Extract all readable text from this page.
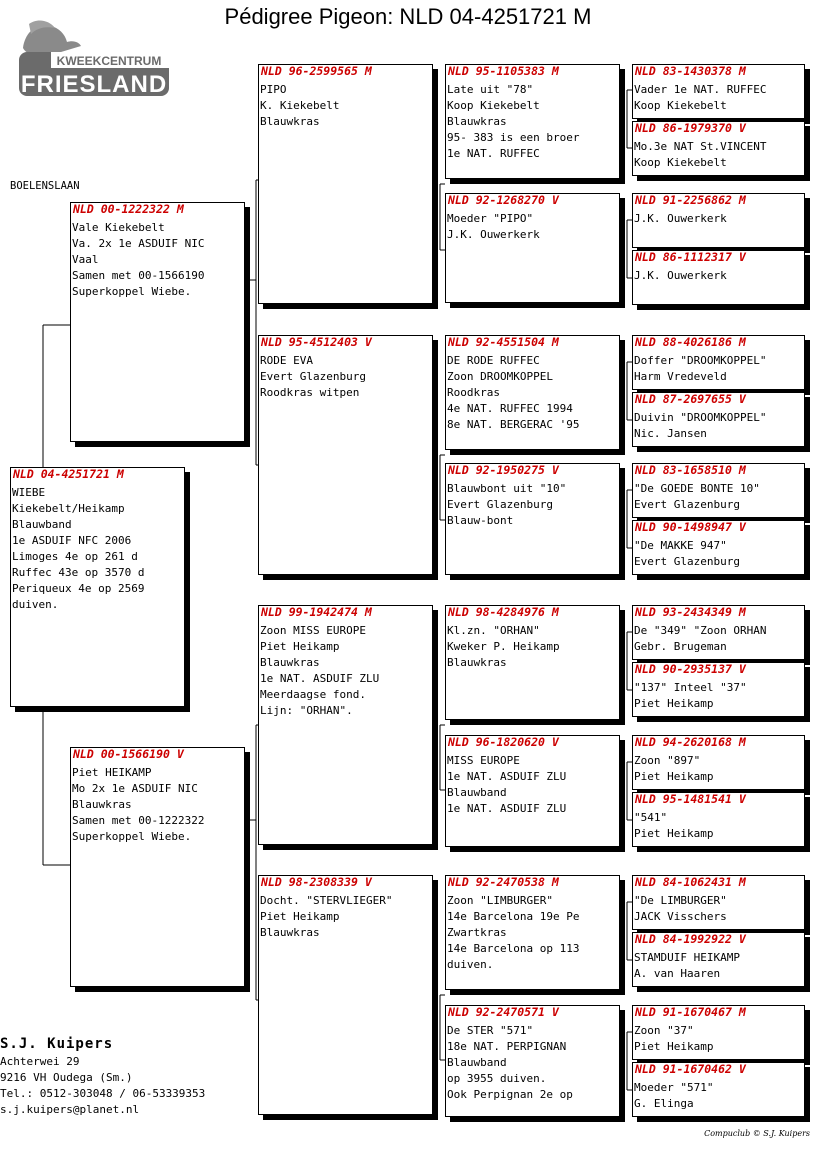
Pédigree Pigeon: NLD 04-4251721 M
KWEEKCENTRUM
FRIESLAND
BOELENSLAAN
NLD 04-4251721 M
WIEBE
Kiekebelt/Heikamp
Blauwband
1e ASDUIF NFC 2006
Limoges 4e op 261 d
Ruffec 43e op 3570 d
Periqueux 4e op 2569
duiven.
NLD 00-1222322 M
Vale Kiekebelt
Va. 2x 1e ASDUIF NIC
Vaal
Samen met 00-1566190
Superkoppel Wiebe.
NLD 00-1566190 V
Piet HEIKAMP
Mo 2x 1e ASDUIF NIC
Blauwkras
Samen met 00-1222322
Superkoppel Wiebe.
NLD 96-2599565 M
PIPO
K. Kiekebelt
Blauwkras
NLD 95-4512403 V
RODE EVA
Evert Glazenburg
Roodkras witpen
NLD 99-1942474 M
Zoon MISS EUROPE
Piet Heikamp
Blauwkras
1e NAT. ASDUIF ZLU
Meerdaagse fond.
Lijn: "ORHAN".
NLD 98-2308339 V
Docht. "STERVLIEGER"
Piet Heikamp
Blauwkras
NLD 95-1105383 M
Late uit "78"
Koop Kiekebelt
Blauwkras
95- 383 is een broer
1e NAT. RUFFEC
NLD 92-1268270 V
Moeder "PIPO"
J.K. Ouwerkerk
NLD 92-4551504 M
DE RODE RUFFEC
Zoon DROOMKOPPEL
Roodkras
4e NAT. RUFFEC 1994
8e NAT. BERGERAC '95
NLD 92-1950275 V
Blauwbont uit "10"
Evert Glazenburg
Blauw-bont
NLD 98-4284976 M
Kl.zn. "ORHAN"
Kweker P. Heikamp
Blauwkras
NLD 96-1820620 V
MISS EUROPE
1e NAT. ASDUIF ZLU
Blauwband
1e NAT. ASDUIF ZLU
NLD 92-2470538 M
Zoon "LIMBURGER"
14e Barcelona 19e Pe
Zwartkras
14e Barcelona op 113
duiven.
NLD 92-2470571 V
De STER "571"
18e NAT. PERPIGNAN
Blauwband
op 3955 duiven.
Ook Perpignan 2e op
NLD 83-1430378 M
Vader 1e NAT. RUFFEC
Koop Kiekebelt
NLD 86-1979370 V
Mo.3e NAT St.VINCENT
Koop Kiekebelt
NLD 91-2256862 M
J.K. Ouwerkerk
NLD 86-1112317 V
J.K. Ouwerkerk
NLD 88-4026186 M
Doffer "DROOMKOPPEL"
Harm Vredeveld
NLD 87-2697655 V
Duivin "DROOMKOPPEL"
Nic. Jansen
NLD 83-1658510 M
"De GOEDE BONTE 10"
Evert Glazenburg
NLD 90-1498947 V
"De MAKKE 947"
Evert Glazenburg
NLD 93-2434349 M
De "349" "Zoon ORHAN
Gebr. Brugeman
NLD 90-2935137 V
"137" Inteel "37"
Piet Heikamp
NLD 94-2620168 M
Zoon "897"
Piet Heikamp
NLD 95-1481541 V
"541"
Piet Heikamp
NLD 84-1062431 M
"De LIMBURGER"
JACK Visschers
NLD 84-1992922 V
STAMDUIF HEIKAMP
A. van Haaren
NLD 91-1670467 M
Zoon "37"
Piet Heikamp
NLD 91-1670462 V
Moeder "571"
G. Elinga
S.J. Kuipers
Achterwei 29
9216 VH Oudega (Sm.)
Tel.: 0512-303048 / 06-53339353
s.j.kuipers@planet.nl
Compuclub © S.J. Kuipers
